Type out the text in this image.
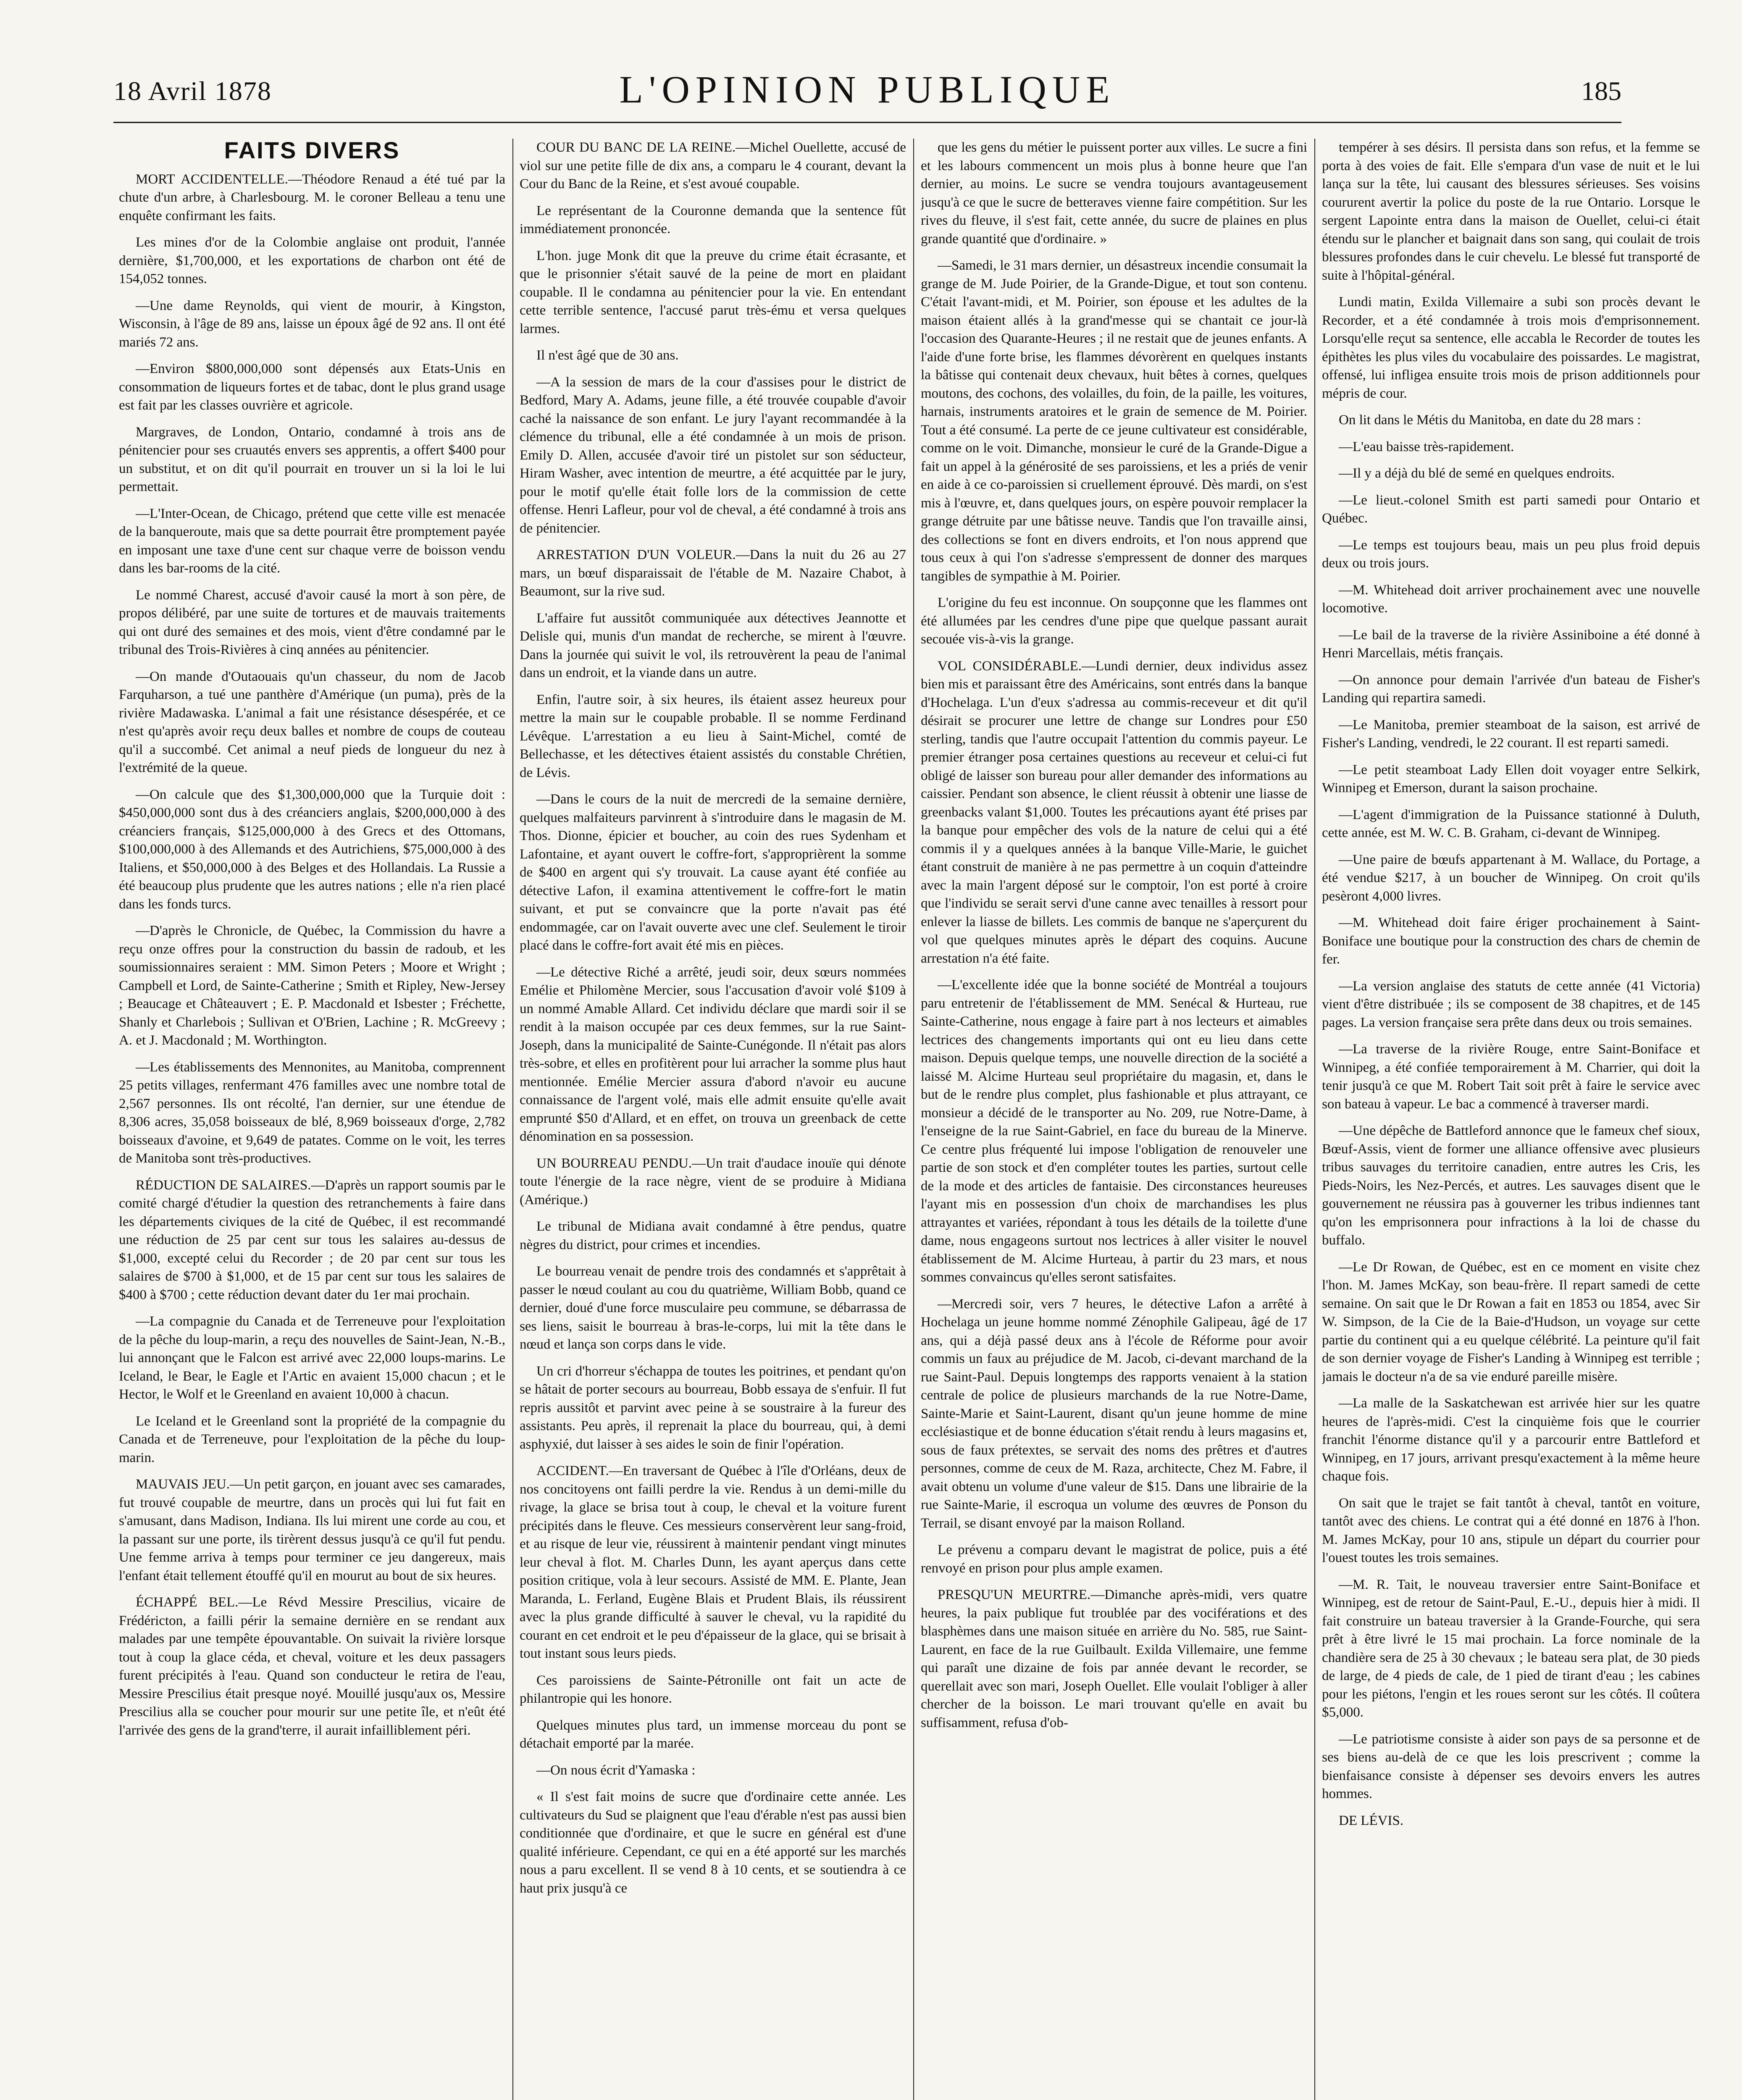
18 Avril 1878	L'OPINION PUBLIQUE	185
FAITS DIVERS

MORT ACCIDENTELLE.—Théodore Renaud a été tué par la chute d'un arbre, à Charlesbourg. M. le coroner Belleau a tenu une enquête confirmant les faits.

Les mines d'or de la Colombie anglaise ont produit, l'année dernière, $1,700,000, et les exportations de charbon ont été de 154,052 tonnes.

—Une dame Reynolds, qui vient de mourir, à Kingston, Wisconsin, à l'âge de 89 ans, laisse un époux âgé de 92 ans. Il ont été mariés 72 ans.

—Environ $800,000,000 sont dépensés aux Etats-Unis en consommation de liqueurs fortes et de tabac, dont le plus grand usage est fait par les classes ouvrière et agricole.

Margraves, de London, Ontario, condamné à trois ans de pénitencier pour ses cruautés envers ses apprentis, a offert $400 pour un substitut, et on dit qu'il pourrait en trouver un si la loi le lui permettait.

—L'Inter-Ocean, de Chicago, prétend que cette ville est menacée de la banqueroute, mais que sa dette pourrait être promptement payée en imposant une taxe d'une cent sur chaque verre de boisson vendu dans les bar-rooms de la cité.

Le nommé Charest, accusé d'avoir causé la mort à son père, de propos délibéré, par une suite de tortures et de mauvais traitements qui ont duré des semaines et des mois, vient d'être condamné par le tribunal des Trois-Rivières à cinq années au pénitencier.

—On mande d'Outaouais qu'un chasseur, du nom de Jacob Farquharson, a tué une panthère d'Amérique (un puma), près de la rivière Madawaska. L'animal a fait une résistance désespérée, et ce n'est qu'après avoir reçu deux balles et nombre de coups de couteau qu'il a succombé. Cet animal a neuf pieds de longueur du nez à l'extrémité de la queue.

—On calcule que des $1,300,000,000 que la Turquie doit : $450,000,000 sont dus à des créanciers anglais, $200,000,000 à des créanciers français, $125,000,000 à des Grecs et des Ottomans, $100,000,000 à des Allemands et des Autrichiens, $75,000,000 à des Italiens, et $50,000,000 à des Belges et des Hollandais. La Russie a été beaucoup plus prudente que les autres nations ; elle n'a rien placé dans les fonds turcs.

—D'après le Chronicle, de Québec, la Commission du havre a reçu onze offres pour la construction du bassin de radoub, et les soumissionnaires seraient : MM. Simon Peters ; Moore et Wright ; Campbell et Lord, de Sainte-Catherine ; Smith et Ripley, New-Jersey ; Beaucage et Châteauvert ; E. P. Macdonald et Isbester ; Fréchette, Shanly et Charlebois ; Sullivan et O'Brien, Lachine ; R. McGreevy ; A. et J. Macdonald ; M. Worthington.

—Les établissements des Mennonites, au Manitoba, comprennent 25 petits villages, renfermant 476 familles avec une nombre total de 2,567 personnes. Ils ont récolté, l'an dernier, sur une étendue de 8,306 acres, 35,058 boisseaux de blé, 8,969 boisseaux d'orge, 2,782 boisseaux d'avoine, et 9,649 de patates. Comme on le voit, les terres de Manitoba sont très-productives.

RÉDUCTION DE SALAIRES.—D'après un rapport soumis par le comité chargé d'étudier la question des retranchements à faire dans les départements civiques de la cité de Québec, il est recommandé une réduction de 25 par cent sur tous les salaires au-dessus de $1,000, excepté celui du Recorder ; de 20 par cent sur tous les salaires de $700 à $1,000, et de 15 par cent sur tous les salaires de $400 à $700 ; cette réduction devant dater du 1er mai prochain.

—La compagnie du Canada et de Terreneuve pour l'exploitation de la pêche du loup-marin, a reçu des nouvelles de Saint-Jean, N.-B., lui annonçant que le Falcon est arrivé avec 22,000 loups-marins. Le Iceland, le Bear, le Eagle et l'Artic en avaient 15,000 chacun ; et le Hector, le Wolf et le Greenland en avaient 10,000 à chacun.

Le Iceland et le Greenland sont la propriété de la compagnie du Canada et de Terreneuve, pour l'exploitation de la pêche du loup-marin.

MAUVAIS JEU.—Un petit garçon, en jouant avec ses camarades, fut trouvé coupable de meurtre, dans un procès qui lui fut fait en s'amusant, dans Madison, Indiana. Ils lui mirent une corde au cou, et la passant sur une porte, ils tirèrent dessus jusqu'à ce qu'il fut pendu. Une femme arriva à temps pour terminer ce jeu dangereux, mais l'enfant était tellement étouffé qu'il en mourut au bout de six heures.

ÉCHAPPÉ BEL.—Le Révd Messire Prescilius, vicaire de Frédéricton, a failli périr la semaine dernière en se rendant aux malades par une tempête épouvantable. On suivait la rivière lorsque tout à coup la glace céda, et cheval, voiture et les deux passagers furent précipités à l'eau. Quand son conducteur le retira de l'eau, Messire Prescilius était presque noyé. Mouillé jusqu'aux os, Messire Prescilius alla se coucher pour mourir sur une petite île, et n'eût été l'arrivée des gens de la grand'terre, il aurait infailliblement péri.

COUR DU BANC DE LA REINE.—Michel Ouellette, accusé de viol sur une petite fille de dix ans, a comparu le 4 courant, devant la Cour du Banc de la Reine, et s'est avoué coupable.

Le représentant de la Couronne demanda que la sentence fût immédiatement prononcée.

L'hon. juge Monk dit que la preuve du crime était écrasante, et que le prisonnier s'était sauvé de la peine de mort en plaidant coupable. Il le condamna au pénitencier pour la vie. En entendant cette terrible sentence, l'accusé parut très-ému et versa quelques larmes.

Il n'est âgé que de 30 ans.

—A la session de mars de la cour d'assises pour le district de Bedford, Mary A. Adams, jeune fille, a été trouvée coupable d'avoir caché la naissance de son enfant. Le jury l'ayant recommandée à la clémence du tribunal, elle a été condamnée à un mois de prison. Emily D. Allen, accusée d'avoir tiré un pistolet sur son séducteur, Hiram Washer, avec intention de meurtre, a été acquittée par le jury, pour le motif qu'elle était folle lors de la commission de cette offense. Henri Lafleur, pour vol de cheval, a été condamné à trois ans de pénitencier.

ARRESTATION D'UN VOLEUR.—Dans la nuit du 26 au 27 mars, un bœuf disparaissait de l'étable de M. Nazaire Chabot, à Beaumont, sur la rive sud.

L'affaire fut aussitôt communiquée aux détectives Jeannotte et Delisle qui, munis d'un mandat de recherche, se mirent à l'œuvre. Dans la journée qui suivit le vol, ils retrouvèrent la peau de l'animal dans un endroit, et la viande dans un autre.

Enfin, l'autre soir, à six heures, ils étaient assez heureux pour mettre la main sur le coupable probable. Il se nomme Ferdinand Lévêque. L'arrestation a eu lieu à Saint-Michel, comté de Bellechasse, et les détectives étaient assistés du constable Chrétien, de Lévis.

—Dans le cours de la nuit de mercredi de la semaine dernière, quelques malfaiteurs parvinrent à s'introduire dans le magasin de M. Thos. Dionne, épicier et boucher, au coin des rues Sydenham et Lafontaine, et ayant ouvert le coffre-fort, s'approprièrent la somme de $400 en argent qui s'y trouvait. La cause ayant été confiée au détective Lafon, il examina attentivement le coffre-fort le matin suivant, et put se convaincre que la porte n'avait pas été endommagée, car on l'avait ouverte avec une clef. Seulement le tiroir placé dans le coffre-fort avait été mis en pièces.

—Le détective Riché a arrêté, jeudi soir, deux sœurs nommées Emélie et Philomène Mercier, sous l'accusation d'avoir volé $109 à un nommé Amable Allard. Cet individu déclare que mardi soir il se rendit à la maison occupée par ces deux femmes, sur la rue Saint-Joseph, dans la municipalité de Sainte-Cunégonde. Il n'était pas alors très-sobre, et elles en profitèrent pour lui arracher la somme plus haut mentionnée. Emélie Mercier assura d'abord n'avoir eu aucune connaissance de l'argent volé, mais elle admit ensuite qu'elle avait emprunté $50 d'Allard, et en effet, on trouva un greenback de cette dénomination en sa possession.

UN BOURREAU PENDU.—Un trait d'audace inouïe qui dénote toute l'énergie de la race nègre, vient de se produire à Midiana (Amérique.)

Le tribunal de Midiana avait condamné à être pendus, quatre nègres du district, pour crimes et incendies.

Le bourreau venait de pendre trois des condamnés et s'apprêtait à passer le nœud coulant au cou du quatrième, William Bobb, quand ce dernier, doué d'une force musculaire peu commune, se débarrassa de ses liens, saisit le bourreau à bras-le-corps, lui mit la tête dans le nœud et lança son corps dans le vide.

Un cri d'horreur s'échappa de toutes les poitrines, et pendant qu'on se hâtait de porter secours au bourreau, Bobb essaya de s'enfuir. Il fut repris aussitôt et parvint avec peine à se soustraire à la fureur des assistants. Peu après, il reprenait la place du bourreau, qui, à demi asphyxié, dut laisser à ses aides le soin de finir l'opération.

ACCIDENT.—En traversant de Québec à l'île d'Orléans, deux de nos concitoyens ont failli perdre la vie. Rendus à un demi-mille du rivage, la glace se brisa tout à coup, le cheval et la voiture furent précipités dans le fleuve. Ces messieurs conservèrent leur sang-froid, et au risque de leur vie, réussirent à maintenir pendant vingt minutes leur cheval à flot. M. Charles Dunn, les ayant aperçus dans cette position critique, vola à leur secours. Assisté de MM. E. Plante, Jean Maranda, L. Ferland, Eugène Blais et Prudent Blais, ils réussirent avec la plus grande difficulté à sauver le cheval, vu la rapidité du courant en cet endroit et le peu d'épaisseur de la glace, qui se brisait à tout instant sous leurs pieds.

Ces paroissiens de Sainte-Pétronille ont fait un acte de philantropie qui les honore.

Quelques minutes plus tard, un immense morceau du pont se détachait emporté par la marée.

—On nous écrit d'Yamaska :

« Il s'est fait moins de sucre que d'ordinaire cette année. Les cultivateurs du Sud se plaignent que l'eau d'érable n'est pas aussi bien conditionnée que d'ordinaire, et que le sucre en général est d'une qualité inférieure. Cependant, ce qui en a été apporté sur les marchés nous a paru excellent. Il se vend 8 à 10 cents, et se soutiendra à ce haut prix jusqu'à ce

que les gens du métier le puissent porter aux villes. Le sucre a fini et les labours commencent un mois plus à bonne heure que l'an dernier, au moins. Le sucre se vendra toujours avantageusement jusqu'à ce que le sucre de betteraves vienne faire compétition. Sur les rives du fleuve, il s'est fait, cette année, du sucre de plaines en plus grande quantité que d'ordinaire. »

—Samedi, le 31 mars dernier, un désastreux incendie consumait la grange de M. Jude Poirier, de la Grande-Digue, et tout son contenu. C'était l'avant-midi, et M. Poirier, son épouse et les adultes de la maison étaient allés à la grand'messe qui se chantait ce jour-là l'occasion des Quarante-Heures ; il ne restait que de jeunes enfants. A l'aide d'une forte brise, les flammes dévorèrent en quelques instants la bâtisse qui contenait deux chevaux, huit bêtes à cornes, quelques moutons, des cochons, des volailles, du foin, de la paille, les voitures, harnais, instruments aratoires et le grain de semence de M. Poirier. Tout a été consumé. La perte de ce jeune cultivateur est considérable, comme on le voit. Dimanche, monsieur le curé de la Grande-Digue a fait un appel à la générosité de ses paroissiens, et les a priés de venir en aide à ce co-paroissien si cruellement éprouvé. Dès mardi, on s'est mis à l'œuvre, et, dans quelques jours, on espère pouvoir remplacer la grange détruite par une bâtisse neuve. Tandis que l'on travaille ainsi, des collections se font en divers endroits, et l'on nous apprend que tous ceux à qui l'on s'adresse s'empressent de donner des marques tangibles de sympathie à M. Poirier.

L'origine du feu est inconnue. On soupçonne que les flammes ont été allumées par les cendres d'une pipe que quelque passant aurait secouée vis-à-vis la grange.

VOL CONSIDÉRABLE.—Lundi dernier, deux individus assez bien mis et paraissant être des Américains, sont entrés dans la banque d'Hochelaga. L'un d'eux s'adressa au commis-receveur et dit qu'il désirait se procurer une lettre de change sur Londres pour £50 sterling, tandis que l'autre occupait l'attention du commis payeur. Le premier étranger posa certaines questions au receveur et celui-ci fut obligé de laisser son bureau pour aller demander des informations au caissier. Pendant son absence, le client réussit à obtenir une liasse de greenbacks valant $1,000. Toutes les précautions ayant été prises par la banque pour empêcher des vols de la nature de celui qui a été commis il y a quelques années à la banque Ville-Marie, le guichet étant construit de manière à ne pas permettre à un coquin d'atteindre avec la main l'argent déposé sur le comptoir, l'on est porté à croire que l'individu se serait servi d'une canne avec tenailles à ressort pour enlever la liasse de billets. Les commis de banque ne s'aperçurent du vol que quelques minutes après le départ des coquins. Aucune arrestation n'a été faite.

—L'excellente idée que la bonne société de Montréal a toujours paru entretenir de l'établissement de MM. Senécal & Hurteau, rue Sainte-Catherine, nous engage à faire part à nos lecteurs et aimables lectrices des changements importants qui ont eu lieu dans cette maison. Depuis quelque temps, une nouvelle direction de la société a laissé M. Alcime Hurteau seul propriétaire du magasin, et, dans le but de le rendre plus complet, plus fashionable et plus attrayant, ce monsieur a décidé de le transporter au No. 209, rue Notre-Dame, à l'enseigne de la rue Saint-Gabriel, en face du bureau de la Minerve. Ce centre plus fréquenté lui impose l'obligation de renouveler une partie de son stock et d'en compléter toutes les parties, surtout celle de la mode et des articles de fantaisie. Des circonstances heureuses l'ayant mis en possession d'un choix de marchandises les plus attrayantes et variées, répondant à tous les détails de la toilette d'une dame, nous engageons surtout nos lectrices à aller visiter le nouvel établissement de M. Alcime Hurteau, à partir du 23 mars, et nous sommes convaincus qu'elles seront satisfaites.

—Mercredi soir, vers 7 heures, le détective Lafon a arrêté à Hochelaga un jeune homme nommé Zénophile Galipeau, âgé de 17 ans, qui a déjà passé deux ans à l'école de Réforme pour avoir commis un faux au préjudice de M. Jacob, ci-devant marchand de la rue Saint-Paul. Depuis longtemps des rapports venaient à la station centrale de police de plusieurs marchands de la rue Notre-Dame, Sainte-Marie et Saint-Laurent, disant qu'un jeune homme de mine ecclésiastique et de bonne éducation s'était rendu à leurs magasins et, sous de faux prétextes, se servait des noms des prêtres et d'autres personnes, comme de ceux de M. Raza, architecte, Chez M. Fabre, il avait obtenu un volume d'une valeur de $15. Dans une librairie de la rue Sainte-Marie, il escroqua un volume des œuvres de Ponson du Terrail, se disant envoyé par la maison Rolland.

Le prévenu a comparu devant le magistrat de police, puis a été renvoyé en prison pour plus ample examen.

PRESQU'UN MEURTRE.—Dimanche après-midi, vers quatre heures, la paix publique fut troublée par des vociférations et des blasphèmes dans une maison située en arrière du No. 585, rue Saint-Laurent, en face de la rue Guilbault. Exilda Villemaire, une femme qui paraît une dizaine de fois par année devant le recorder, se querellait avec son mari, Joseph Ouellet. Elle voulait l'obliger à aller chercher de la boisson. Le mari trouvant qu'elle en avait bu suffisamment, refusa d'ob-

tempérer à ses désirs. Il persista dans son refus, et la femme se porta à des voies de fait. Elle s'empara d'un vase de nuit et le lui lança sur la tête, lui causant des blessures sérieuses. Ses voisins coururent avertir la police du poste de la rue Ontario. Lorsque le sergent Lapointe entra dans la maison de Ouellet, celui-ci était étendu sur le plancher et baignait dans son sang, qui coulait de trois blessures profondes dans le cuir chevelu. Le blessé fut transporté de suite à l'hôpital-général.

Lundi matin, Exilda Villemaire a subi son procès devant le Recorder, et a été condamnée à trois mois d'emprisonnement. Lorsqu'elle reçut sa sentence, elle accabla le Recorder de toutes les épithètes les plus viles du vocabulaire des poissardes. Le magistrat, offensé, lui infligea ensuite trois mois de prison additionnels pour mépris de cour.

On lit dans le Métis du Manitoba, en date du 28 mars :

—L'eau baisse très-rapidement.

—Il y a déjà du blé de semé en quelques endroits.

—Le lieut.-colonel Smith est parti samedi pour Ontario et Québec.

—Le temps est toujours beau, mais un peu plus froid depuis deux ou trois jours.

—M. Whitehead doit arriver prochainement avec une nouvelle locomotive.

—Le bail de la traverse de la rivière Assiniboine a été donné à Henri Marcellais, métis français.

—On annonce pour demain l'arrivée d'un bateau de Fisher's Landing qui repartira samedi.

—Le Manitoba, premier steamboat de la saison, est arrivé de Fisher's Landing, vendredi, le 22 courant. Il est reparti samedi.

—Le petit steamboat Lady Ellen doit voyager entre Selkirk, Winnipeg et Emerson, durant la saison prochaine.

—L'agent d'immigration de la Puissance stationné à Duluth, cette année, est M. W. C. B. Graham, ci-devant de Winnipeg.

—Une paire de bœufs appartenant à M. Wallace, du Portage, a été vendue $217, à un boucher de Winnipeg. On croit qu'ils pesèront 4,000 livres.

—M. Whitehead doit faire ériger prochainement à Saint-Boniface une boutique pour la construction des chars de chemin de fer.

—La version anglaise des statuts de cette année (41 Victoria) vient d'être distribuée ; ils se composent de 38 chapitres, et de 145 pages. La version française sera prête dans deux ou trois semaines.

—La traverse de la rivière Rouge, entre Saint-Boniface et Winnipeg, a été confiée temporairement à M. Charrier, qui doit la tenir jusqu'à ce que M. Robert Tait soit prêt à faire le service avec son bateau à vapeur. Le bac a commencé à traverser mardi.

—Une dépêche de Battleford annonce que le fameux chef sioux, Bœuf-Assis, vient de former une alliance offensive avec plusieurs tribus sauvages du territoire canadien, entre autres les Cris, les Pieds-Noirs, les Nez-Percés, et autres. Les sauvages disent que le gouvernement ne réussira pas à gouverner les tribus indiennes tant qu'on les emprisonnera pour infractions à la loi de chasse du buffalo.

—Le Dr Rowan, de Québec, est en ce moment en visite chez l'hon. M. James McKay, son beau-frère. Il repart samedi de cette semaine. On sait que le Dr Rowan a fait en 1853 ou 1854, avec Sir W. Simpson, de la Cie de la Baie-d'Hudson, un voyage sur cette partie du continent qui a eu quelque célébrité. La peinture qu'il fait de son dernier voyage de Fisher's Landing à Winnipeg est terrible ; jamais le docteur n'a de sa vie enduré pareille misère.

—La malle de la Saskatchewan est arrivée hier sur les quatre heures de l'après-midi. C'est la cinquième fois que le courrier franchit l'énorme distance qu'il y a parcourir entre Battleford et Winnipeg, en 17 jours, arrivant presqu'exactement à la même heure chaque fois.

On sait que le trajet se fait tantôt à cheval, tantôt en voiture, tantôt avec des chiens. Le contrat qui a été donné en 1876 à l'hon. M. James McKay, pour 10 ans, stipule un départ du courrier pour l'ouest toutes les trois semaines.

—M. R. Tait, le nouveau traversier entre Saint-Boniface et Winnipeg, est de retour de Saint-Paul, E.-U., depuis hier à midi. Il fait construire un bateau traversier à la Grande-Fourche, qui sera prêt à être livré le 15 mai prochain. La force nominale de la chandière sera de 25 à 30 chevaux ; le bateau sera plat, de 30 pieds de large, de 4 pieds de cale, de 1 pied de tirant d'eau ; les cabines pour les piétons, l'engin et les roues seront sur les côtés. Il coûtera $5,000.

—Le patriotisme consiste à aider son pays de sa personne et de ses biens au-delà de ce que les lois prescrivent ; comme la bienfaisance consiste à dépenser ses devoirs envers les autres hommes.

DE LÉVIS.
